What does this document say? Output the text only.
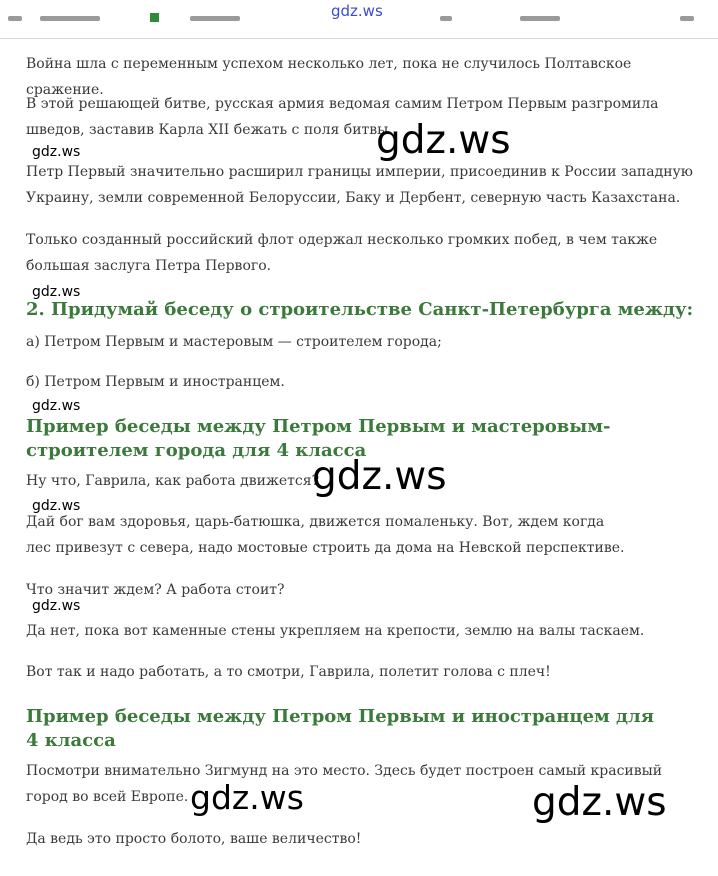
gdz.ws

Война шла с переменным успехом несколько лет, пока не случилось Полтавское сражение.

В этой решающей битве, русская армия ведомая самим Петром Первым разгромила шведов, заставив Карла XII бежать с поля битвы.

Петр Первый значительно расширил границы империи, присоединив к России западную Украину, земли современной Белоруссии, Баку и Дербент, северную часть Казахстана.

Только созданный российский флот одержал несколько громких побед, в чем также большая заслуга Петра Первого.

2. Придумай беседу о строительстве Санкт-Петербурга между:

а) Петром Первым и мастеровым — строителем города;

б) Петром Первым и иностранцем.

Пример беседы между Петром Первым и мастеровым-строителем города для 4 класса

Ну что, Гаврила, как работа движется?

Дай бог вам здоровья, царь-батюшка, движется помаленьку. Вот, ждем когда лес привезут с севера, надо мостовые строить да дома на Невской перспективе.

Что значит ждем? А работа стоит?

Да нет, пока вот каменные стены укрепляем на крепости, землю на валы таскаем.

Вот так и надо работать, а то смотри, Гаврила, полетит голова с плеч!

Пример беседы между Петром Первым и иностранцем для 4 класса

Посмотри внимательно Зигмунд на это место. Здесь будет построен самый красивый город во всей Европе.

Да ведь это просто болото, ваше величество!

gdz.ws
gdz.ws
gdz.ws
gdz.ws
gdz.ws
gdz.ws
gdz.ws
gdz.ws	gdz.ws
